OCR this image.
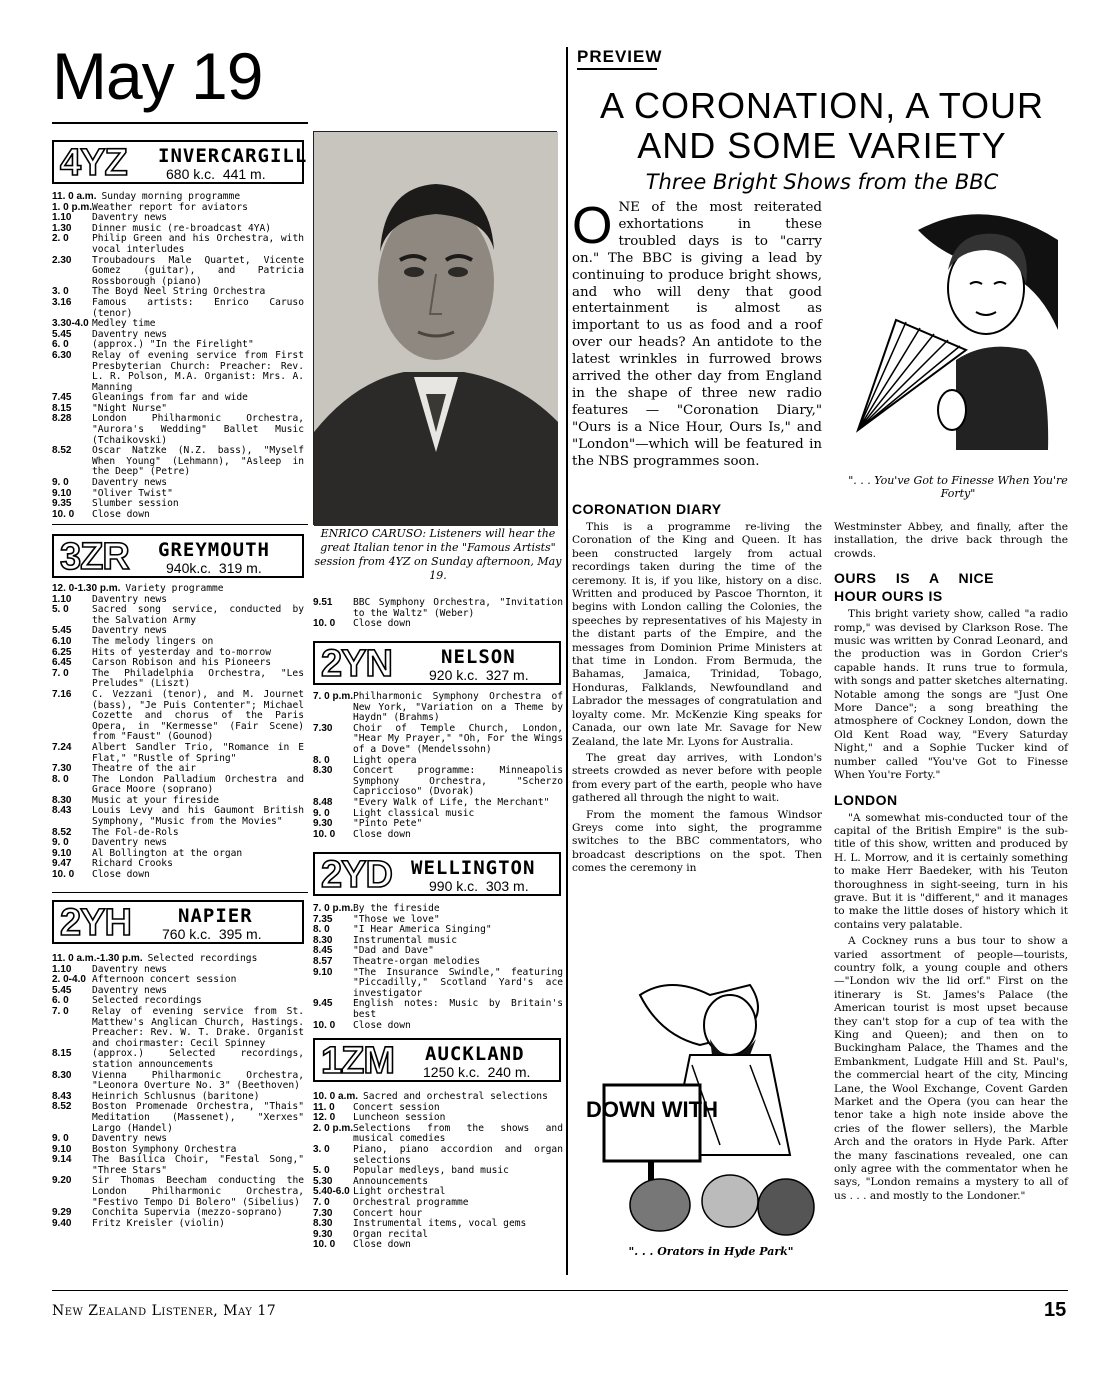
May 19
4YZ INVERCARGILL
680 k.c. 441 m.
11. 0 a.m. Sunday morning programme
1. 0 p.m. Weather report for aviators
1.10	Daventry news
1.30	Dinner music (re-broadcast 4YA)
2. 0	Philip Green and his Orchestra, with vocal interludes
2.30	Troubadours Male Quartet, Vicente Gomez (guitar), and Patricia Rossborough (piano)
3. 0	The Boyd Neel String Orchestra
3.16	Famous artists: Enrico Caruso (tenor)
3.30-4.0 Medley time
5.45	Daventry news
6. 0	(approx.) "In the Firelight"
6.30	Relay of evening service from First Presbyterian Church: Preacher: Rev. L. R. Polson, M.A. Organist: Mrs. A. Manning
7.45	Gleanings from far and wide
8.15	"Night Nurse"
8.28	London Philharmonic Orchestra, "Aurora's Wedding" Ballet Music (Tchaikovski)
8.52	Oscar Natzke (N.Z. bass), "Myself When Young" (Lehmann), "Asleep in the Deep" (Petre)
9. 0	Daventry news
9.10	"Oliver Twist"
9.35	Slumber session
10. 0	Close down
3ZR GREYMOUTH
940k.c. 319 m.
12. 0-1.30 p.m. Variety programme
1.10	Daventry news
5. 0	Sacred song service, conducted by the Salvation Army
5.45	Daventry news
6.10	The melody lingers on
6.25	Hits of yesterday and to-morrow
6.45	Carson Robison and his Pioneers
7. 0	The Philadelphia Orchestra, "Les Preludes" (Liszt)
7.16	C. Vezzani (tenor), and M. Journet (bass), "Je Puis Contenter"; Michael Cozette and chorus of the Paris Opera, in "Kermesse" (Fair Scene) from "Faust" (Gounod)
7.24	Albert Sandler Trio, "Romance in E Flat," "Rustle of Spring"
7.30	Theatre of the air
8. 0	The London Palladium Orchestra and Grace Moore (soprano)
8.30	Music at your fireside
8.43	Louis Levy and his Gaumont British Symphony, "Music from the Movies"
8.52	The Fol-de-Rols
9. 0	Daventry news
9.10	Al Bollington at the organ
9.47	Richard Crooks
10. 0	Close down
2YH NAPIER
760 k.c. 395 m.
11. 0 a.m.-1.30 p.m. Selected recordings
1.10	Daventry news
2. 0-4.0 Afternoon concert session
5.45	Daventry news
6. 0	Selected recordings
7. 0	Relay of evening service from St. Matthew's Anglican Church, Hastings. Preacher: Rev. W. T. Drake. Organist and choirmaster: Cecil Spinney
8.15	(approx.) Selected recordings, station announcements
8.30	Vienna Philharmonic Orchestra, "Leonora Overture No. 3" (Beethoven)
8.43	Heinrich Schlusnus (baritone)
8.52	Boston Promenade Orchestra, "Thais" Meditation (Massenet), "Xerxes" Largo (Handel)
9. 0	Daventry news
9.10	Boston Symphony Orchestra
9.14	The Basilica Choir, "Festal Song," "Three Stars"
9.20	Sir Thomas Beecham conducting the London Philharmonic Orchestra, "Festivo Tempo Di Bolero" (Sibelius)
9.29	Conchita Supervia (mezzo-soprano)
9.40	Fritz Kreisler (violin)
ENRICO CARUSO: Listeners will hear the great Italian tenor in the "Famous Artists" session from 4YZ on Sunday afternoon, May 19.
9.51	BBC Symphony Orchestra, "Invitation to the Waltz" (Weber)
10. 0	Close down
2YN	NELSON
920 k.c. 327 m.
7. 0 p.m. Philharmonic Symphony Orchestra of New York, "Variation on a Theme by Haydn" (Brahms)
7.30	Choir of Temple Church, London, "Hear My Prayer," "Oh, For the Wings of a Dove" (Mendelssohn)
8. 0	Light opera
8.30	Concert programme: Minneapolis Symphony Orchestra, "Scherzo Capriccioso" (Dvorak)
8.48	"Every Walk of Life, the Merchant"
9. 0	Light classical music
9.30	"Pinto Pete"
10. 0	Close down
2YD WELLINGTON
990 k.c. 303 m.
7. 0 p.m. By the fireside
7.35	"Those we love"
8. 0	"I Hear America Singing"
8.30	Instrumental music
8.45	"Dad and Dave"
8.57	Theatre-organ melodies
9.10	"The Insurance Swindle," featuring "Piccadilly," Scotland Yard's ace investigator
9.45	English notes: Music by Britain's best
10. 0	Close down
1ZM AUCKLAND
1250 k.c. 240 m.
10. 0 a.m. Sacred and orchestral selections
11. 0	Concert session
12. 0	Luncheon session
2. 0 p.m. Selections from the shows and musical comedies
3. 0	Piano, piano accordion and organ selections
5. 0	Popular medleys, band music
5.30	Announcements
5.40-6.0 Light orchestral
7. 0	Orchestral programme
7.30	Concert hour
8.30	Instrumental items, vocal gems
9.30	Organ recital
10. 0	Close down
PREVIEW
A CORONATION, A TOUR AND SOME VARIETY
Three Bright Shows from the BBC
ONE of the most reiterated exhortations in these troubled days is to "carry on." The BBC is giving a lead by continuing to produce bright shows, and who will deny that good entertainment is almost as important to us as food and a roof over our heads? An antidote to the latest wrinkles in furrowed brows arrived the other day from England in the shape of three new radio features — "Coronation Diary," "Ours is a Nice Hour, Ours Is," and "London"—which will be featured in the NBS programmes soon.
". . . You've Got to Finesse When You're Forty"
CORONATION DIARY

This is a programme re-living the Coronation of the King and Queen. It has been constructed largely from actual recordings taken during the time of the ceremony. It is, if you like, history on a disc. Written and produced by Pascoe Thornton, it begins with London calling the Colonies, the speeches by representatives of his Majesty in the distant parts of the Empire, and the messages from Dominion Prime Ministers at that time in London. From Bermuda, the Bahamas, Jamaica, Trinidad, Tobago, Honduras, Falklands, Newfoundland and Labrador the messages of congratulation and loyalty come. Mr. McKenzie King speaks for Canada, our own late Mr. Savage for New Zealand, the late Mr. Lyons for Australia.

The great day arrives, with London's streets crowded as never before with people from every part of the earth, people who have gathered all through the night to wait.

From the moment the famous Windsor Greys come into sight, the programme switches to the BBC commentators, who broadcast descriptions on the spot. Then comes the ceremony in

Westminster Abbey, and finally, after the installation, the drive back through the crowds.
OURS IS A NICE HOUR OURS IS

This bright variety show, called "a radio romp," was devised by Clarkson Rose. The music was written by Conrad Leonard, and the production was in Gordon Crier's capable hands. It runs true to formula, with songs and patter sketches alternating. Notable among the songs are "Just One More Dance"; a song breathing the atmosphere of Cockney London, down the Old Kent Road way, "Every Saturday Night," and a Sophie Tucker kind of number called "You've Got to Finesse When You're Forty."

LONDON

"A somewhat mis-conducted tour of the capital of the British Empire" is the sub-title of this show, written and produced by H. L. Morrow, and it is certainly something to make Herr Baedeker, with his Teuton thoroughness in sight-seeing, turn in his grave. But it is "different," and it manages to make the little doses of history which it contains very palatable.

A Cockney runs a bus tour to show a varied assortment of people—tourists, country folk, a young couple and others—"London wiv the lid orf." First on the itinerary is St. James's Palace (the American tourist is most upset because they can't stop for a cup of tea with the King and Queen); and then on to Buckingham Palace, the Thames and the Embankment, Ludgate Hill and St. Paul's, the commercial heart of the city, Mincing Lane, the Wool Exchange, Covent Garden Market and the Opera (you can hear the tenor take a high note inside above the cries of the flower sellers), the Marble Arch and the orators in Hyde Park. After the many fascinations revealed, one can only agree with the commentator when he says, "London remains a mystery to all of us . . . and mostly to the Londoner."

DOWN WITH
". . . Orators in Hyde Park"
New Zealand Listener, May 17	15
